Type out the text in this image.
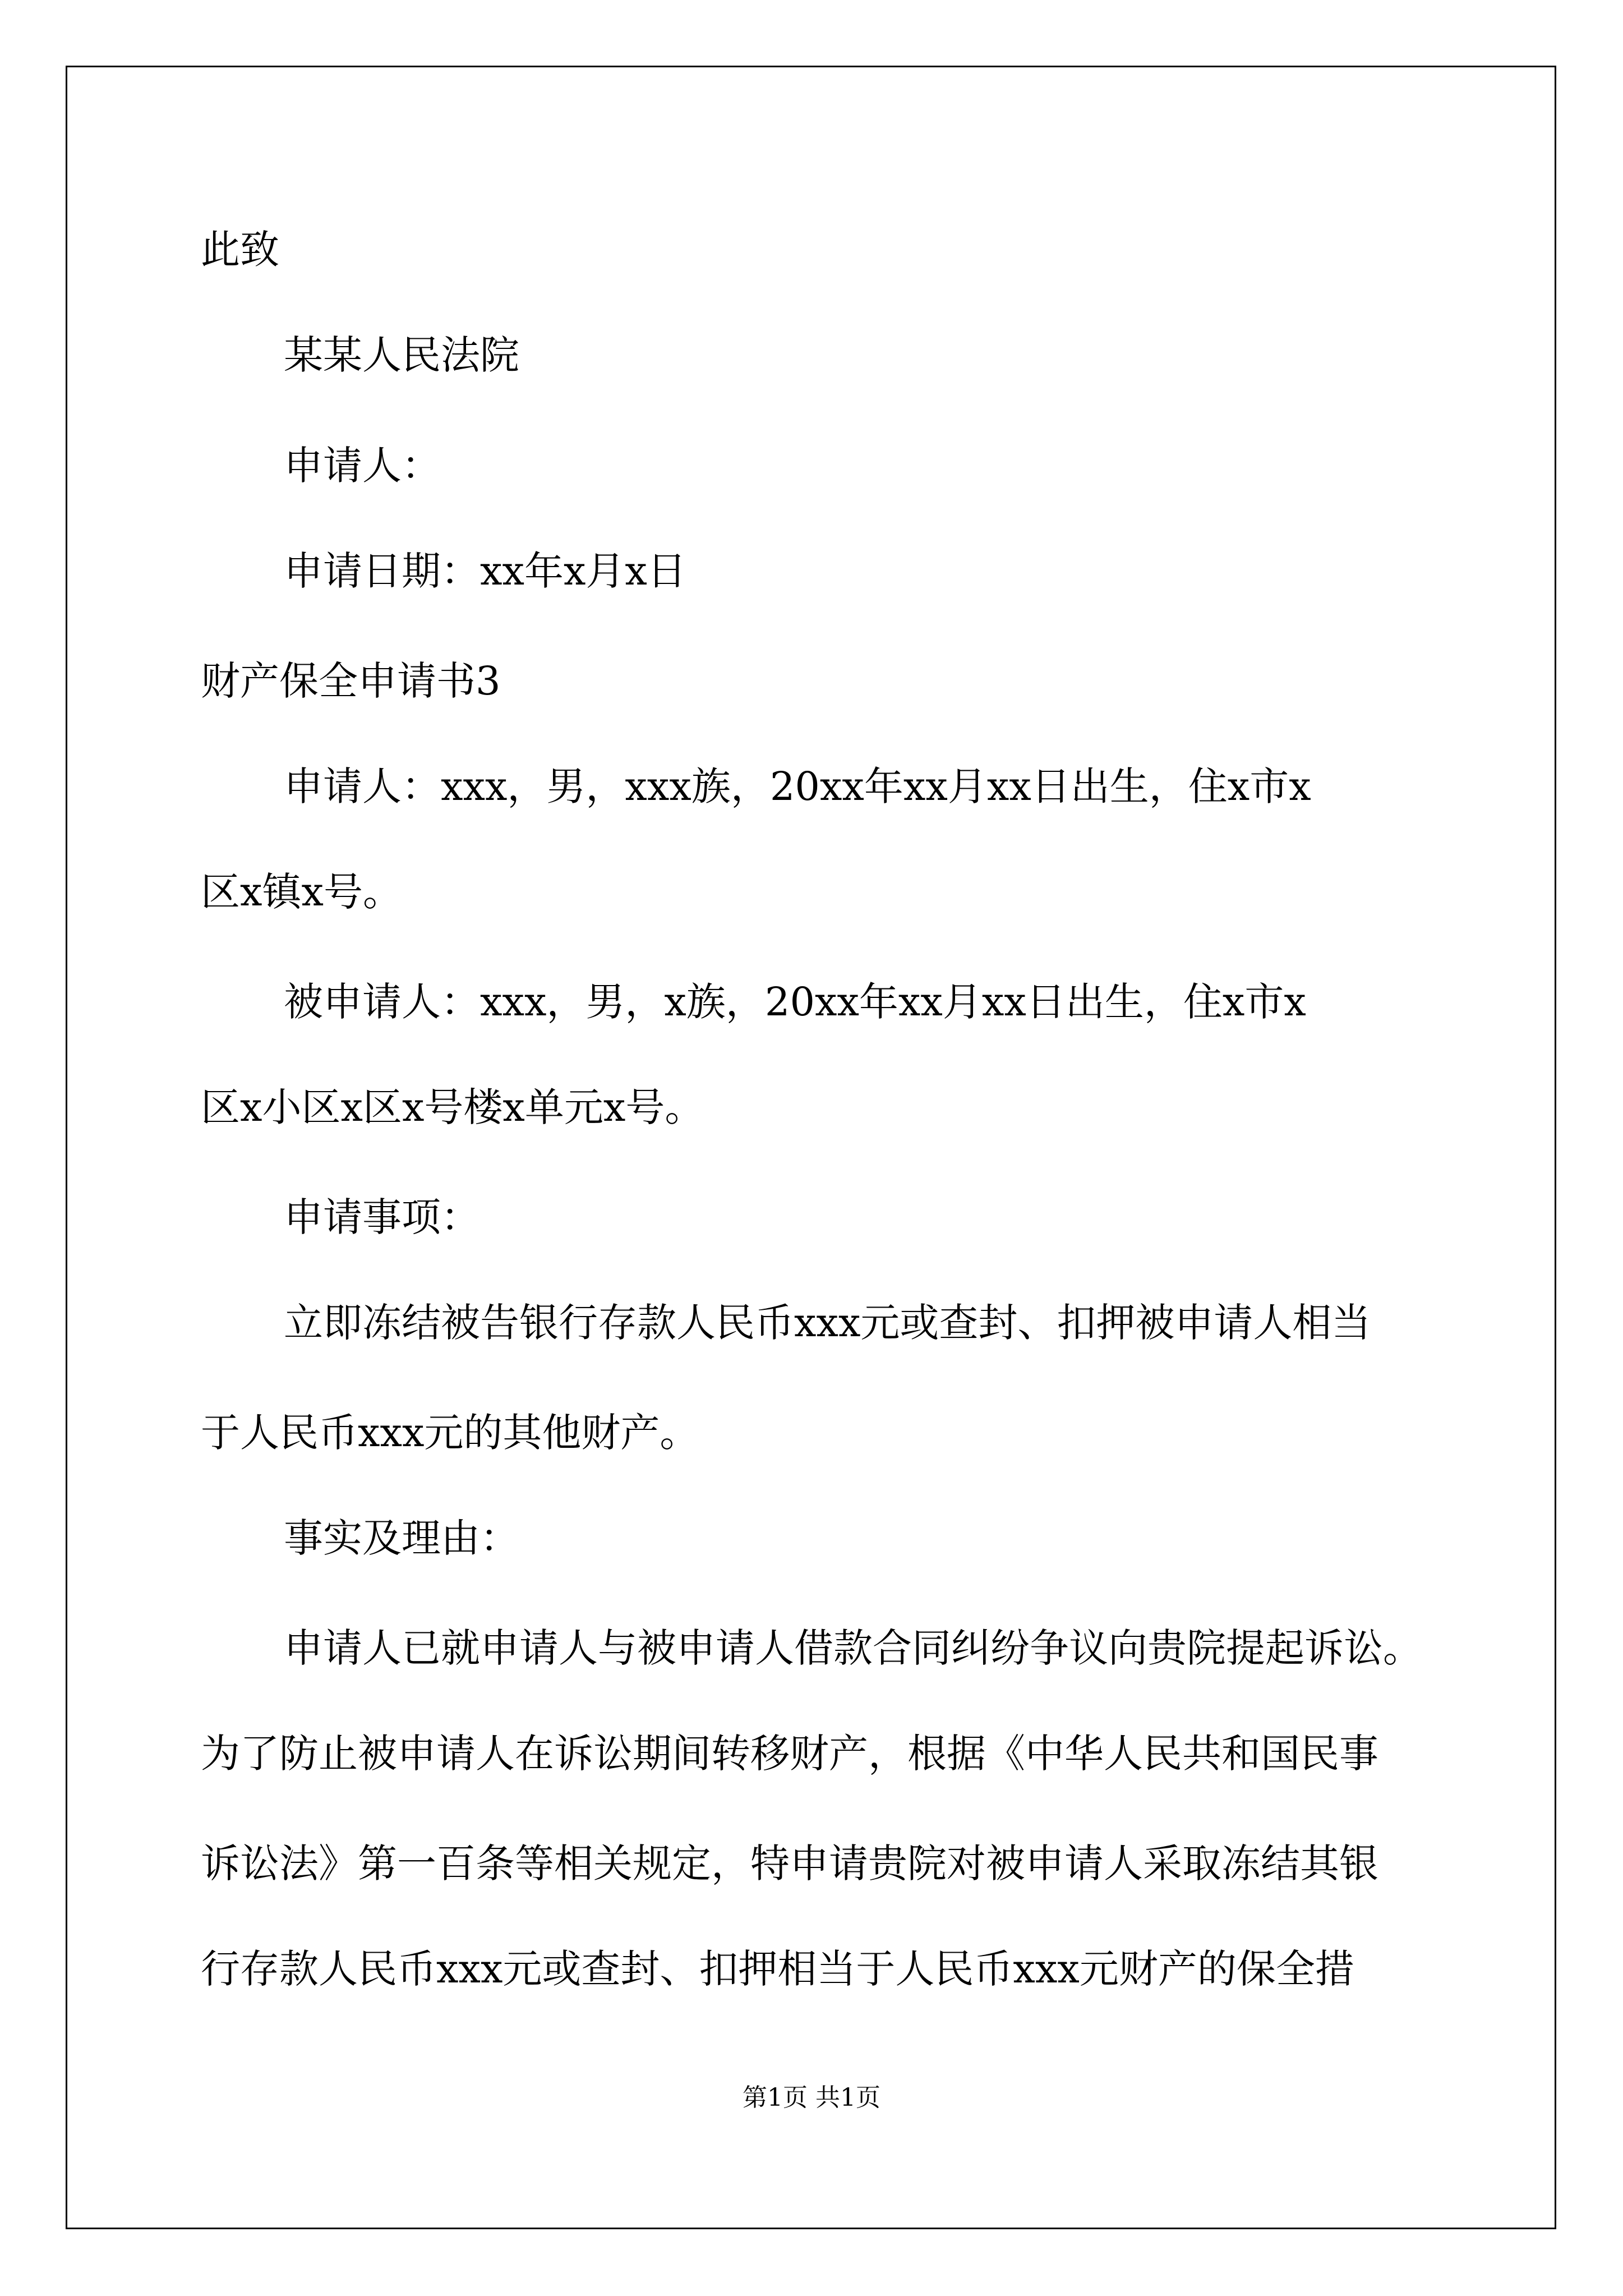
此致
某某人民法院
申请人：
申请日期：xx年x月x日
财产保全申请书3
申请人：xxx，男，xxx族，20xx年xx月xx日出生，住x市x
区x镇x号。
被申请人：xxx，男，x族，20xx年xx月xx日出生，住x市x
区x小区x区x号楼x单元x号。
申请事项：
立即冻结被告银行存款人民币xxx元或查封、扣押被申请人相当
于人民币xxx元的其他财产。
事实及理由：
申请人已就申请人与被申请人借款合同纠纷争议向贵院提起诉讼。
为了防止被申请人在诉讼期间转移财产，根据《中华人民共和国民事
诉讼法》第一百条等相关规定，特申请贵院对被申请人采取冻结其银
行存款人民币xxx元或查封、扣押相当于人民币xxx元财产的保全措
第1页 共1页
